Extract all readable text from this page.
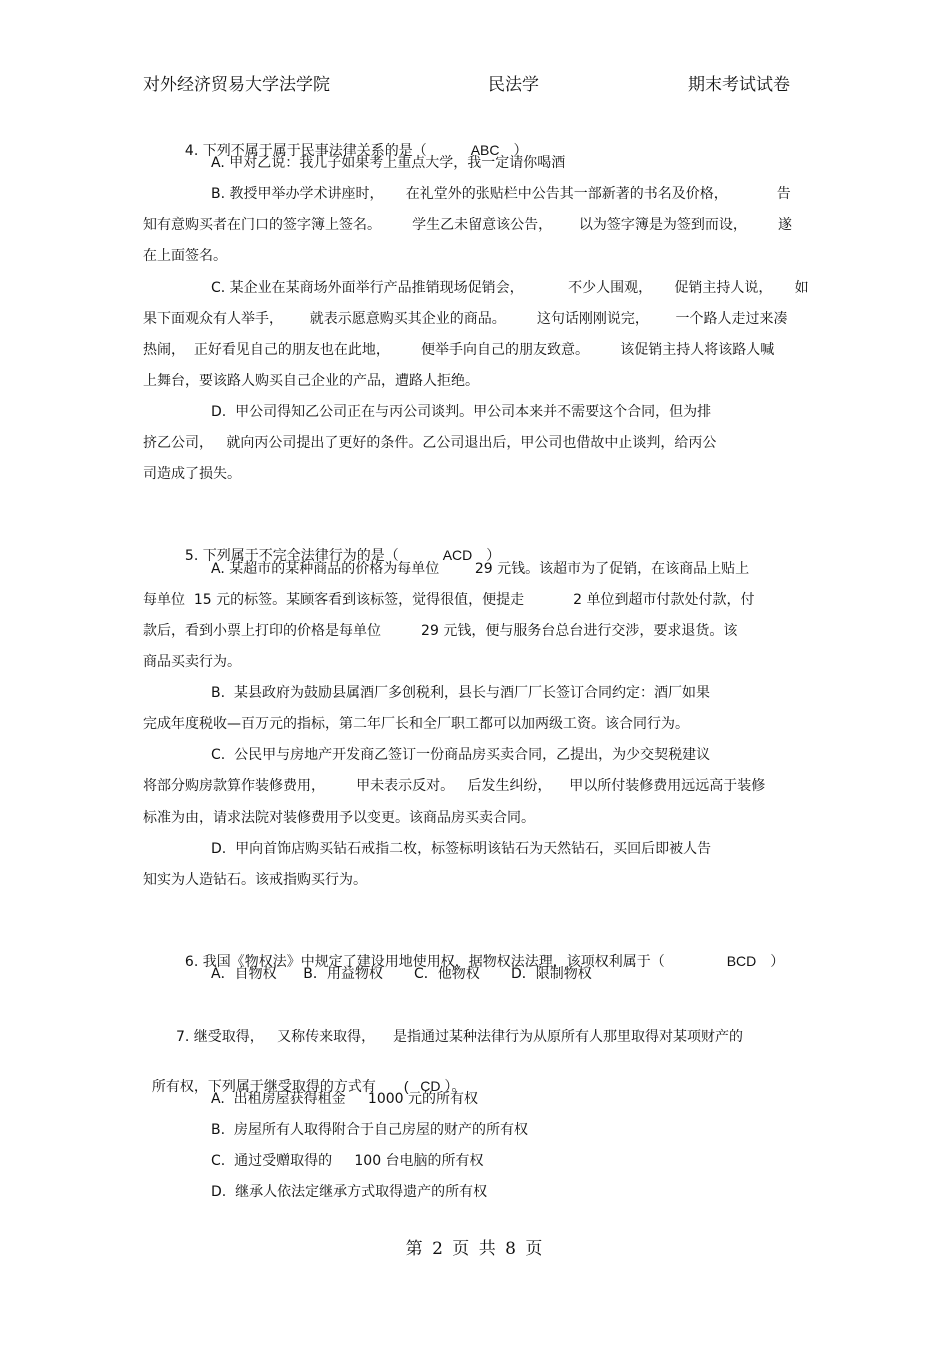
对外经济贸易大学法学院	民法学	期末考试试卷

4. 下列不属于属于民事法律关系的是（	ABC ）

A. 甲对乙说：我儿子如果考上重点大学，我一定请你喝酒
B. 教授甲举办学术讲座时，     在礼堂外的张贴栏中公告其一部新著的书名及价格，           告
知有意购买者在门口的签字簿上签名。       学生乙未留意该公告，      以为签字簿是为签到而设，       遂
在上面签名。
C. 某企业在某商场外面举行产品推销现场促销会，          不少人围观，     促销主持人说，     如
果下面观众有人举手，      就表示愿意购买其企业的商品。       这句话刚刚说完，      一个路人走过来凑
热闹，  正好看见自己的朋友也在此地，       便举手向自己的朋友致意。       该促销主持人将该路人喊
上舞台，要该路人购买自己企业的产品，遭路人拒绝。
D.  甲公司得知乙公司正在与丙公司谈判。甲公司本来并不需要这个合同，但为排
挤乙公司，   就向丙公司提出了更好的条件。乙公司退出后，甲公司也借故中止谈判，给丙公
司造成了损失。

5. 下列属于不完全法律行为的是（	ACD ）

A. 某超市的某种商品的价格为每单位        29 元钱。该超市为了促销，在该商品上贴上
每单位  15 元的标签。某顾客看到该标签，觉得很值，便提走           2 单位到超市付款处付款，付
款后，看到小票上打印的价格是每单位         29 元钱，便与服务台总台进行交涉，要求退货。该
商品买卖行为。
B.  某县政府为鼓励县属酒厂多创税利，县长与酒厂厂长签订合同约定：酒厂如果
完成年度税收—百万元的指标，第二年厂长和全厂职工都可以加两级工资。该合同行为。
C.  公民甲与房地产开发商乙签订一份商品房买卖合同，乙提出，为少交契税建议
将部分购房款算作装修费用，       甲未表示反对。   后发生纠纷，    甲以所付装修费用远远高于装修
标准为由，请求法院对装修费用予以变更。该商品房买卖合同。
D.  甲向首饰店购买钻石戒指二枚，标签标明该钻石为天然钻石，买回后即被人告
知实为人造钻石。该戒指购买行为。

6. 我国《物权法》中规定了建设用地使用权，据物权法法理，该项权利属于（	BCD ）

A．自物权      B．用益物权       C．他物权       D．限制物权
7. 继受取得，   又称传来取得，    是指通过某种法律行为从原所有人那里取得对某项财产的

所有权，下列属于继受取得的方式有 (   CD ）。

A.  出租房屋获得租金     1000 元的所有权
B.  房屋所有人取得附合于自己房屋的财产的所有权
C.  通过受赠取得的     100 台电脑的所有权
D.  继承人依法定继承方式取得遗产的所有权
第 2 页 共 8 页
